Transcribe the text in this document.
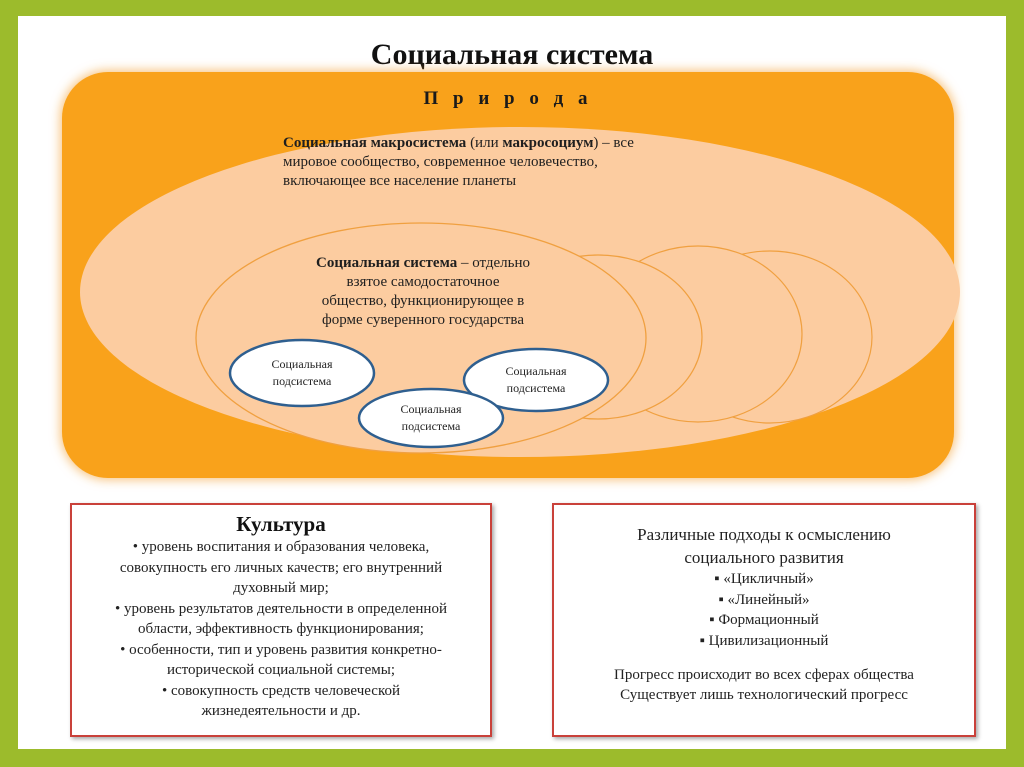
Социальная система
П р и р о д а
Социальная макросистема (или макросоциум) – все
мировое сообщество, современное человечество,
включающее все население планеты
Социальная система – отдельно
взятое самодостаточное
общество, функционирующее в
форме суверенного государства
Социальная
подсистема
Социальная
подсистема
Социальная
подсистема
Культура
• уровень воспитания и образования человека,
совокупность его личных качеств; его внутренний
духовный мир;
• уровень результатов деятельности в определенной
области, эффективность функционирования;
• особенности, тип и уровень развития конкретно-
исторической социальной системы;
• совокупность средств человеческой
жизнедеятельности и др.
Различные подходы к осмыслению
социального развития
▪ «Цикличный»
▪ «Линейный»
▪ Формационный
▪ Цивилизационный
Прогресс происходит во всех сферах общества
Существует лишь технологический прогресс
